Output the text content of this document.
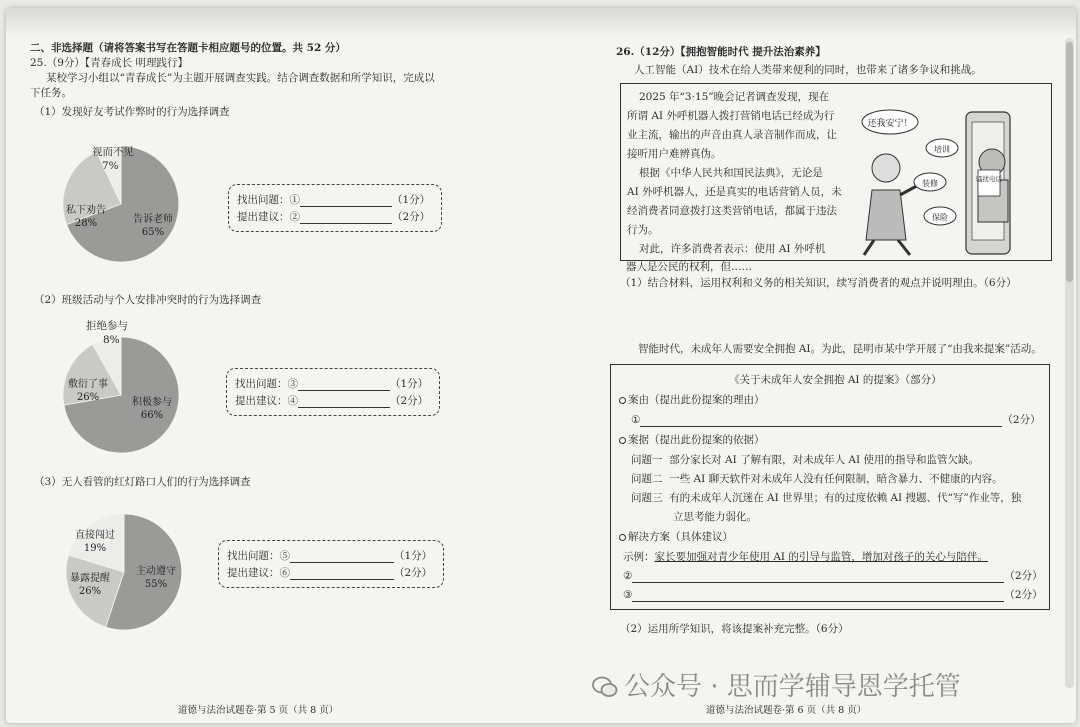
二、非选择题（请将答案书写在答题卡相应题号的位置。共 52 分）
25.（9分）【青春成长 明理践行】
某校学习小组以“青春成长”为主题开展调查实践。结合调查数据和所学知识，完成以
下任务。
（1）发现好友考试作弊时的行为选择调查
告诉老师
65%
私下劝告
28%
视而不见
7%
找出问题：①	（1分）
提出建议：②	（2分）
（2）班级活动与个人安排冲突时的行为选择调查
积极参与
66%
敷衍了事
26%
拒绝参与
8%
找出问题：③	（1分）
提出建议：④	（2分）
（3）无人看管的红灯路口人们的行为选择调查
主动遵守
55%
直接闯过
19%
暴露提醒
26%
找出问题：⑤	（1分）
提出建议：⑥	（2分）
道德与法治试题卷·第 5 页（共 8 页）
26.（12分）【拥抱智能时代 提升法治素养】
人工智能（AI）技术在给人类带来便利的同时，也带来了诸多争议和挑战。
2025 年“3·15”晚会记者调查发现，现在
所谓 AI 外呼机器人拨打营销电话已经成为行
业主流，输出的声音由真人录音制作而成，让
接听用户难辨真伪。
根据《中华人民共和国民法典》，无论是
AI 外呼机器人，还是真实的电话营销人员，未
经消费者同意拨打这类营销电话，都属于违法
行为。
对此，许多消费者表示：使用 AI 外呼机
器人是公民的权利，但……
还我安宁！
骚扰电话
培训
装修
保险
（1）结合材料，运用权利和义务的相关知识，续写消费者的观点并说明理由。（6分）
智能时代，未成年人需要安全拥抱 AI。为此，昆明市某中学开展了“由我来提案”活动。
《关于未成年人安全拥抱 AI 的提案》（部分）
案由（提出此份提案的理由）
①	（2分）
案据（提出此份提案的依据）
问题一 部分家长对 AI 了解有限，对未成年人 AI 使用的指导和监管欠缺。
问题二 一些 AI 聊天软件对未成年人没有任何限制，暗含暴力、不健康的内容。
问题三 有的未成年人沉迷在 AI 世界里；有的过度依赖 AI 搜题、代“写”作业等，独
立思考能力弱化。
解决方案（具体建议）
示例：家长要加强对青少年使用 AI 的引导与监管，增加对孩子的关心与陪伴。
②	（2分）
③	（2分）
（2）运用所学知识，将该提案补充完整。（6分）
道德与法治试题卷·第 6 页（共 8 页）
公众号 · 思而学辅导恩学托管
